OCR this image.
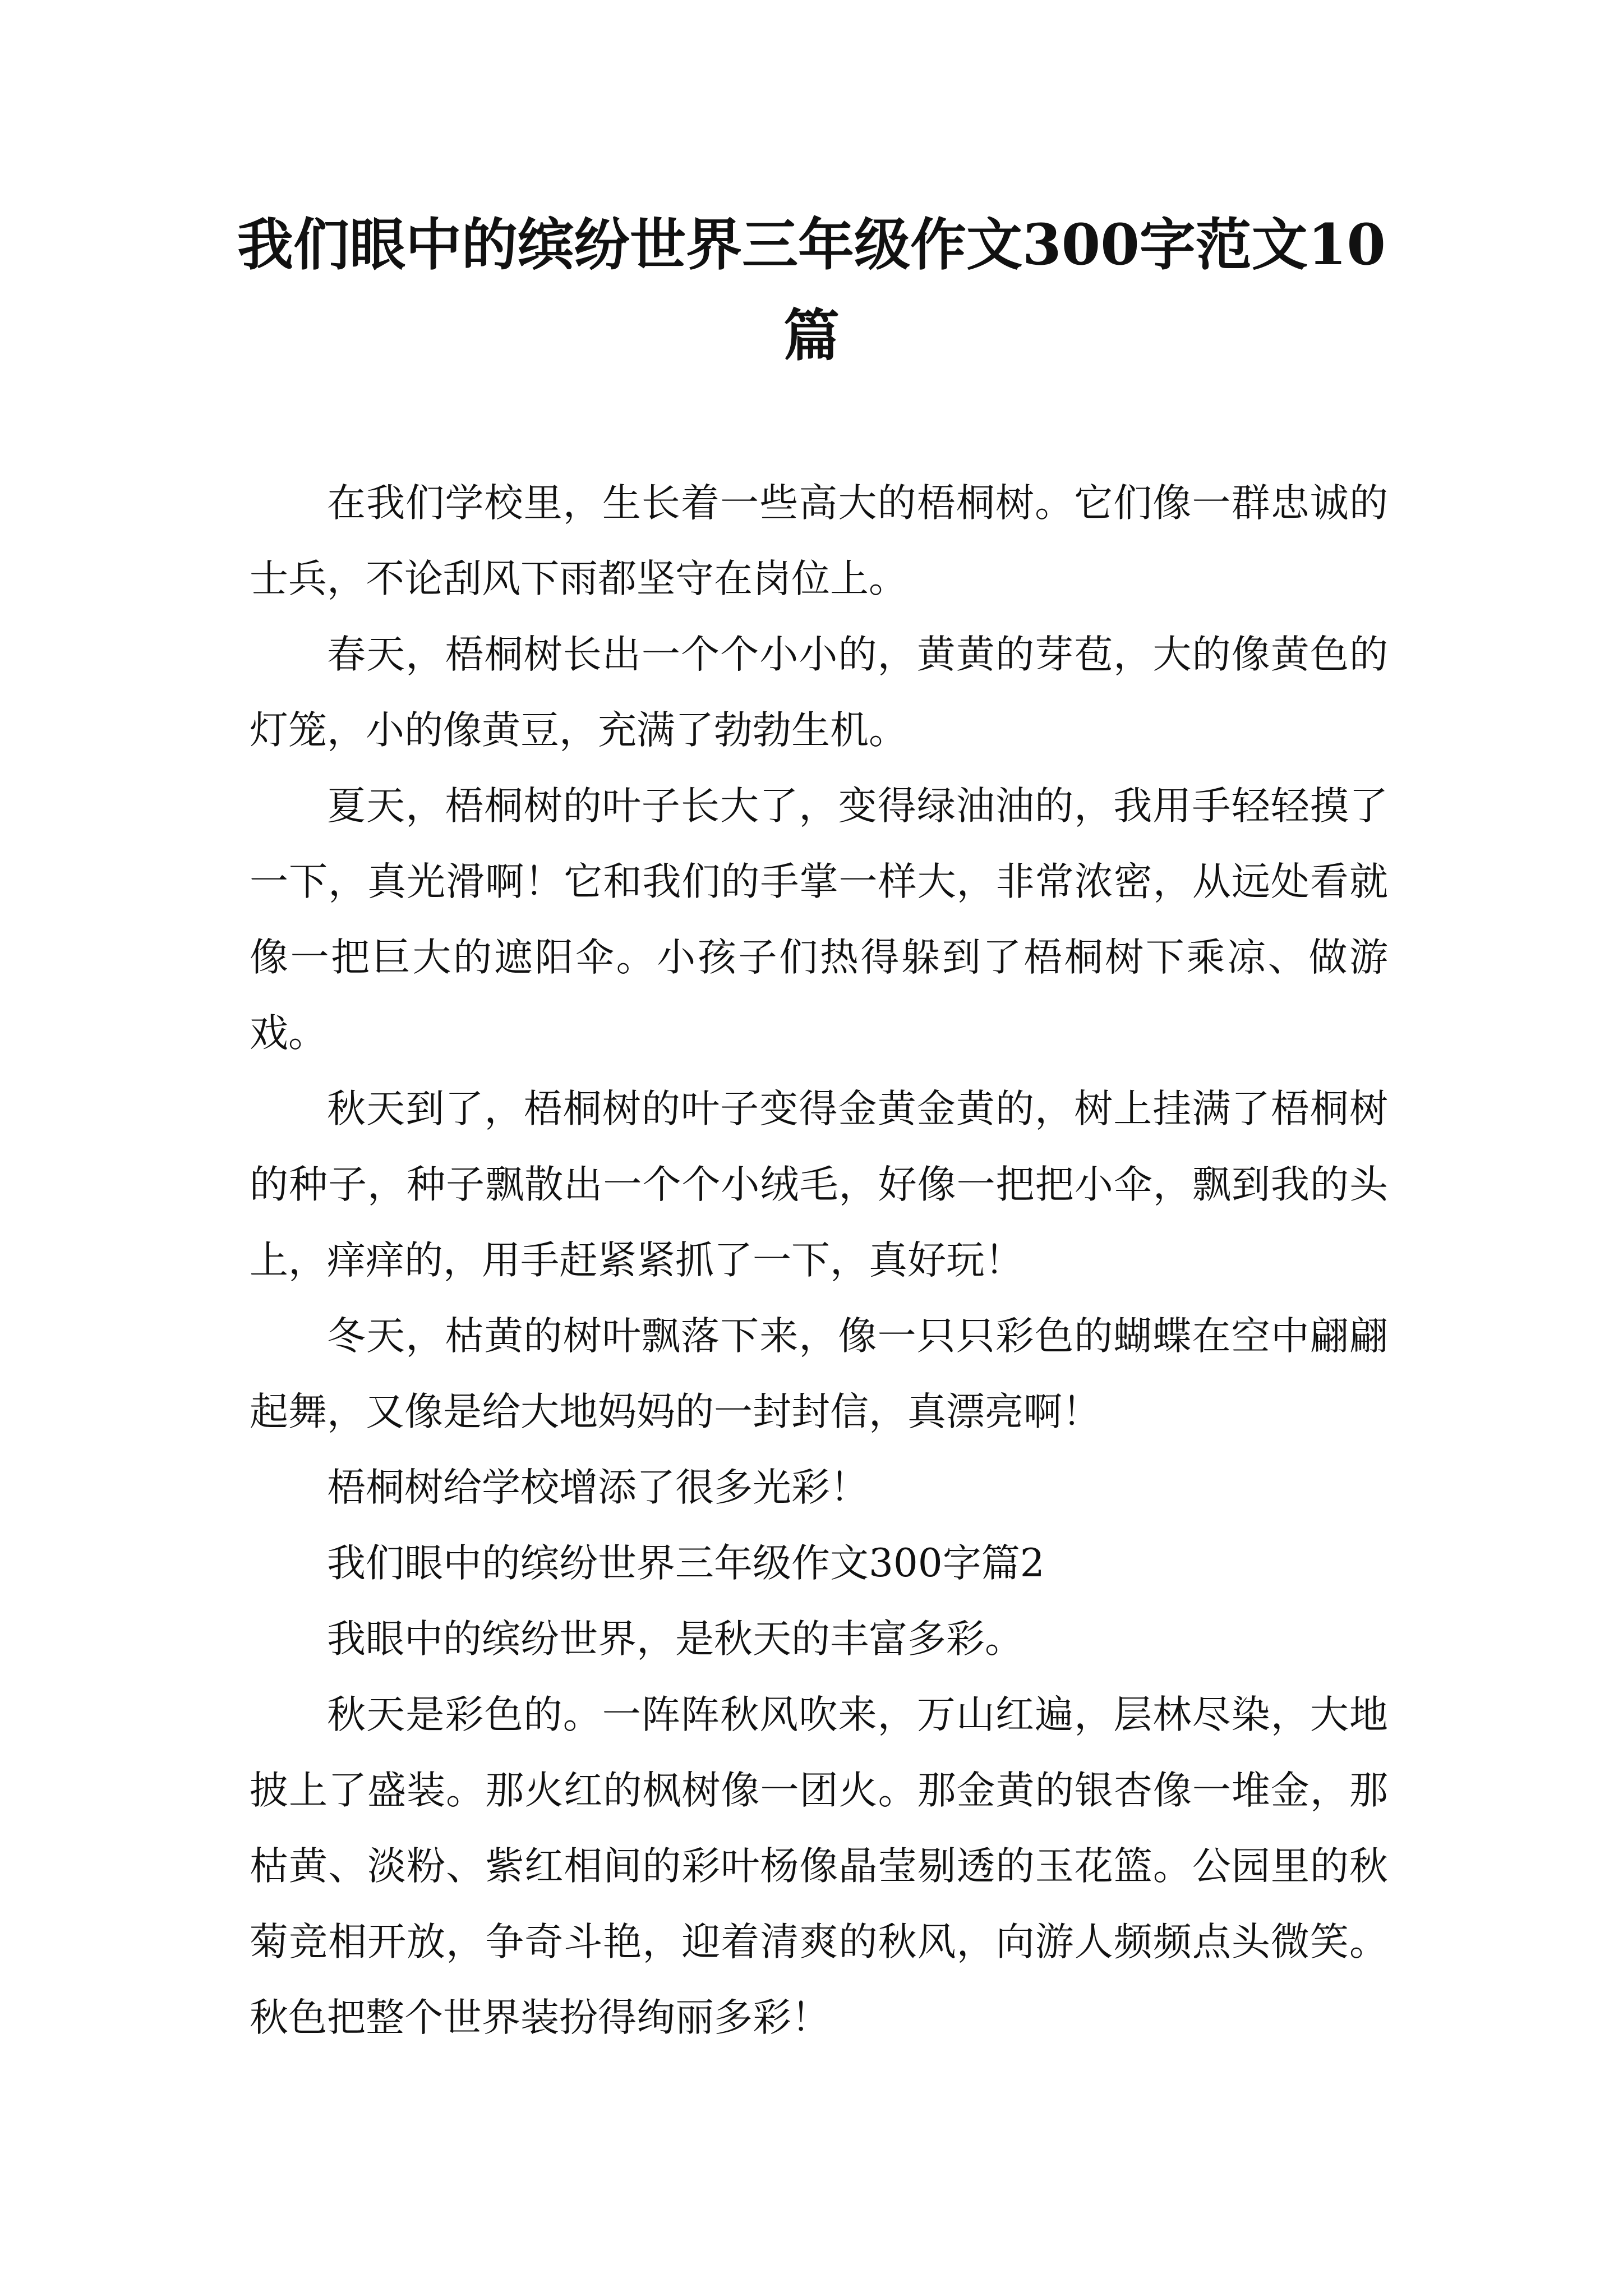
我们眼中的缤纷世界三年级作文300字范文10篇

在我们学校里，生长着一些高大的梧桐树。它们像一群忠诚的士兵，不论刮风下雨都坚守在岗位上。

春天，梧桐树长出一个个小小的，黄黄的芽苞，大的像黄色的灯笼，小的像黄豆，充满了勃勃生机。

夏天，梧桐树的叶子长大了，变得绿油油的，我用手轻轻摸了一下，真光滑啊！它和我们的手掌一样大，非常浓密，从远处看就像一把巨大的遮阳伞。小孩子们热得躲到了梧桐树下乘凉、做游戏。

秋天到了，梧桐树的叶子变得金黄金黄的，树上挂满了梧桐树的种子，种子飘散出一个个小绒毛，好像一把把小伞，飘到我的头上，痒痒的，用手赶紧紧抓了一下，真好玩！

冬天，枯黄的树叶飘落下来，像一只只彩色的蝴蝶在空中翩翩起舞，又像是给大地妈妈的一封封信，真漂亮啊！

梧桐树给学校增添了很多光彩！

我们眼中的缤纷世界三年级作文300字篇2

我眼中的缤纷世界，是秋天的丰富多彩。

秋天是彩色的。一阵阵秋风吹来，万山红遍，层林尽染，大地披上了盛装。那火红的枫树像一团火。那金黄的银杏像一堆金，那枯黄、淡粉、紫红相间的彩叶杨像晶莹剔透的玉花篮。公园里的秋菊竞相开放，争奇斗艳，迎着清爽的秋风，向游人频频点头微笑。秋色把整个世界装扮得绚丽多彩！
